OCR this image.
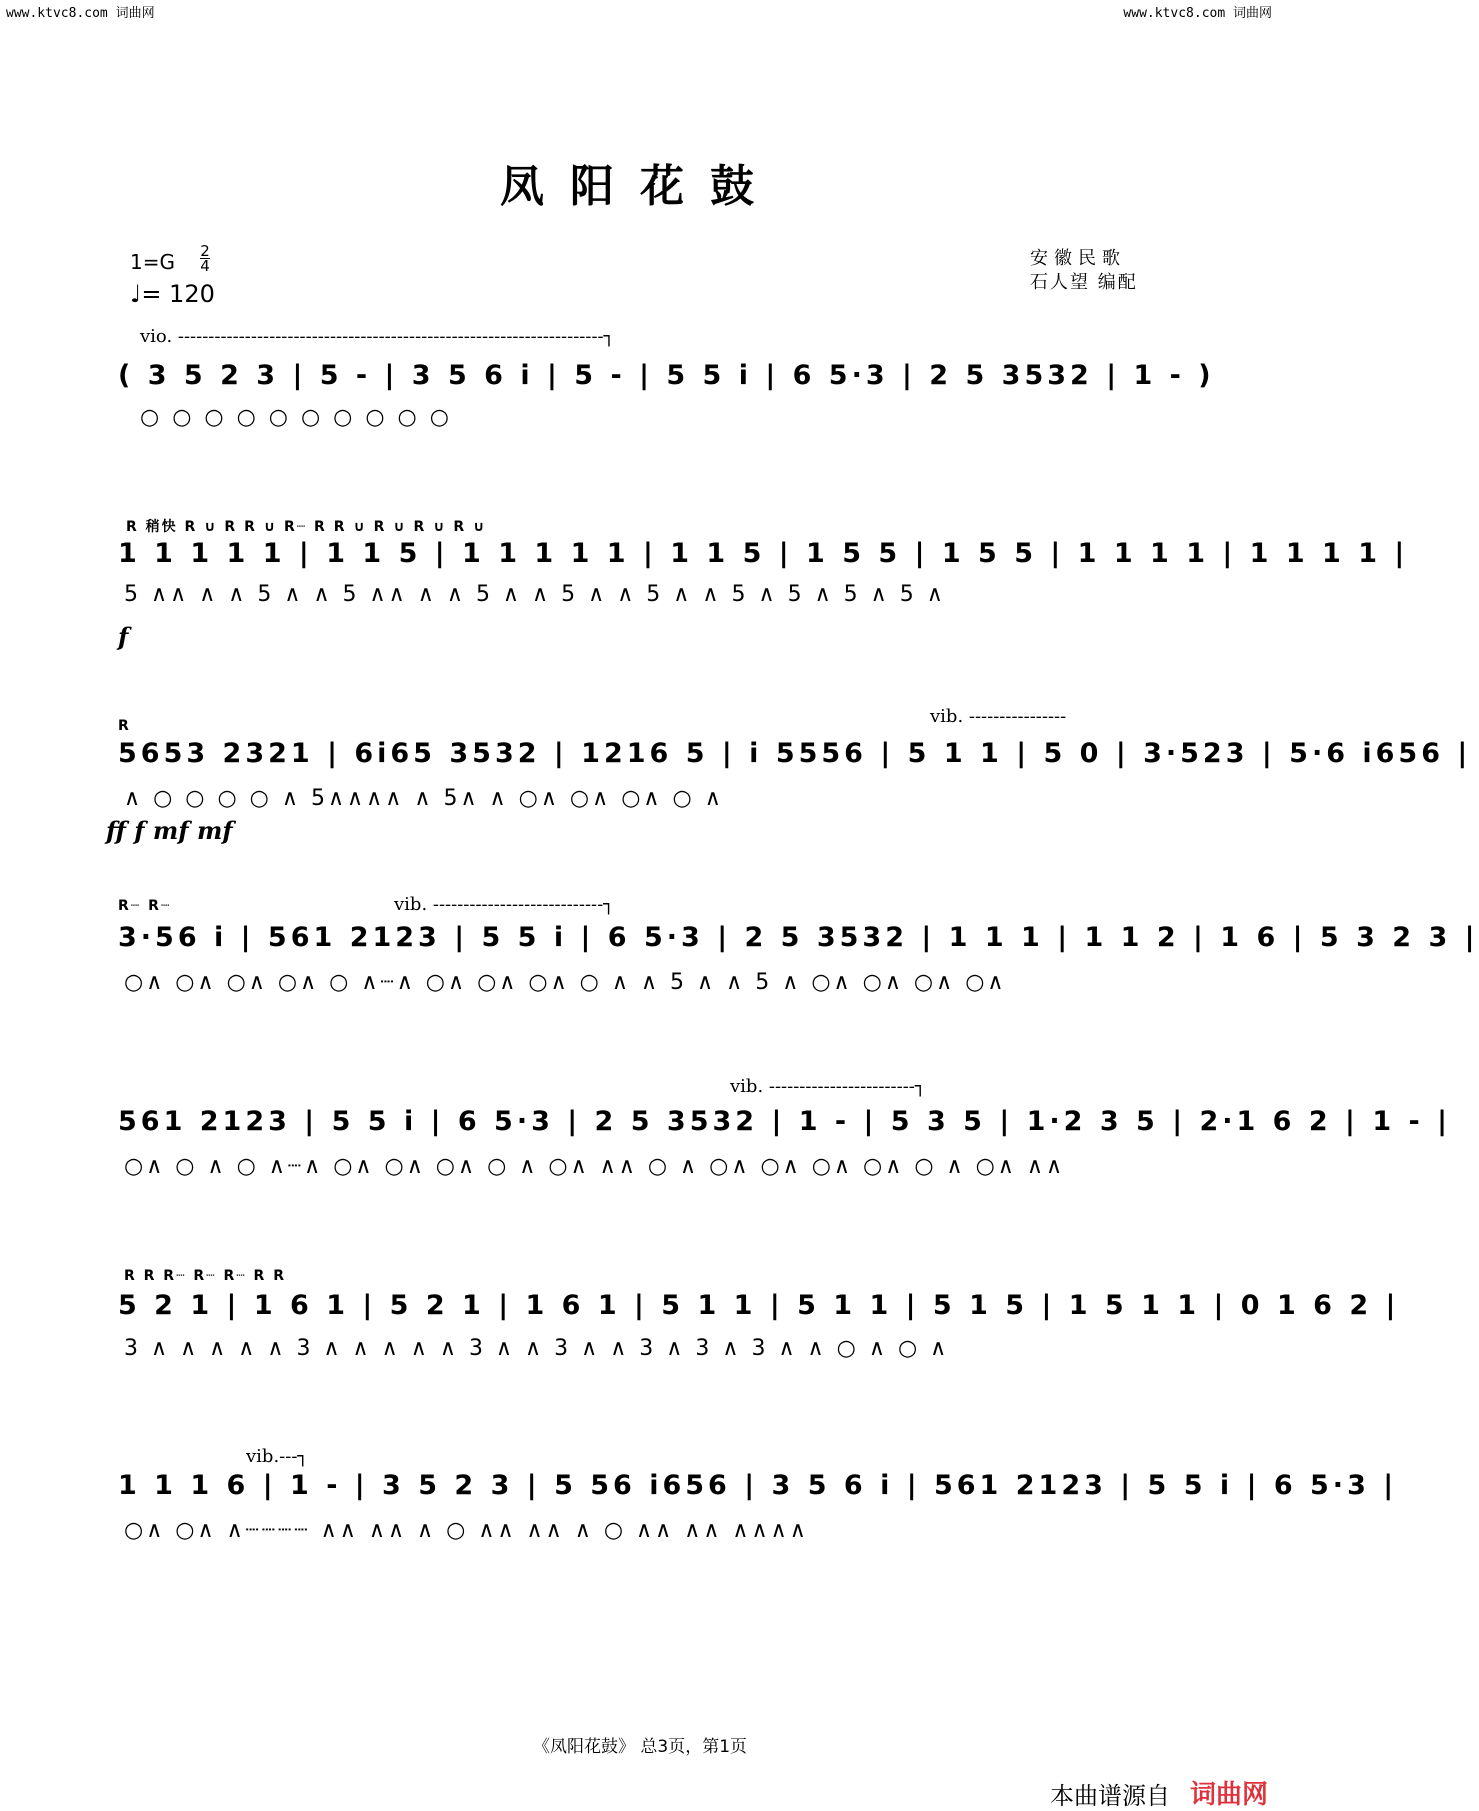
www.ktvc8.com 词曲网	www.ktvc8.com 词曲网
凤阳花鼓
1=G 2
4
♩= 120
安徽民歌
石人望 编配
vio. ----------------------------------------------------------------------┐
( 3 5 2 3 | 5 - | 3 5 6 i | 5 - | 5 5 i | 6 5·3 | 2 5 3532 | 1 - )
○ ○ ○ ○ ○ ○ ○ ○ ○ ○
R 稍快 R ∪ R R ∪ R┈ R R ∪ R ∪ R ∪ R ∪
1 1 1 1 1 | 1 1 5 | 1 1 1 1 1 | 1 1 5 | 1 5 5 | 1 5 5 | 1 1 1 1 | 1 1 1 1 |
5 ∧∧ ∧ ∧ 5 ∧ ∧ 5 ∧∧ ∧ ∧ 5 ∧ ∧ 5 ∧ ∧ 5 ∧ ∧ 5 ∧ 5 ∧ 5 ∧ 5 ∧
f
vib. ----------------
R
5653 2321 | 6i65 3532 | 1216 5 | i 5556 | 5 1 1 | 5 0 | 3·523 | 5·6 i656 |
∧ ○ ○ ○ ○ ∧ 5∧∧∧∧ ∧ 5∧ ∧ ○∧ ○∧ ○∧ ○ ∧
ff f mf mf
vib. ----------------------------┐
R┈ R┈
3·56 i | 561 2123 | 5 5 i | 6 5·3 | 2 5 3532 | 1 1 1 | 1 1 2 | 1 6 | 5 3 2 3 |
○∧ ○∧ ○∧ ○∧ ○ ∧┈∧ ○∧ ○∧ ○∧ ○ ∧ ∧ 5 ∧ ∧ 5 ∧ ○∧ ○∧ ○∧ ○∧
vib. ------------------------┐
561 2123 | 5 5 i | 6 5·3 | 2 5 3532 | 1 - | 5 3 5 | 1·2 3 5 | 2·1 6 2 | 1 - |
○∧ ○ ∧ ○ ∧┈∧ ○∧ ○∧ ○∧ ○ ∧ ○∧ ∧∧ ○ ∧ ○∧ ○∧ ○∧ ○∧ ○ ∧ ○∧ ∧∧
R R R┈ R┈ R┈ R R
5 2 1 | 1 6 1 | 5 2 1 | 1 6 1 | 5 1 1 | 5 1 1 | 5 1 5 | 1 5 1 1 | 0 1 6 2 |
3 ∧ ∧ ∧ ∧ ∧ 3 ∧ ∧ ∧ ∧ ∧ 3 ∧ ∧ 3 ∧ ∧ 3 ∧ 3 ∧ 3 ∧ ∧ ○ ∧ ○ ∧
vib.---┐
1 1 1 6 | 1 - | 3 5 2 3 | 5 56 i656 | 3 5 6 i | 561 2123 | 5 5 i | 6 5·3 |
○∧ ○∧ ∧┈┈┈┈ ∧∧ ∧∧ ∧ ○ ∧∧ ∧∧ ∧ ○ ∧∧ ∧∧ ∧∧∧∧
《凤阳花鼓》 总3页，第1页
本曲谱源自 词曲网
